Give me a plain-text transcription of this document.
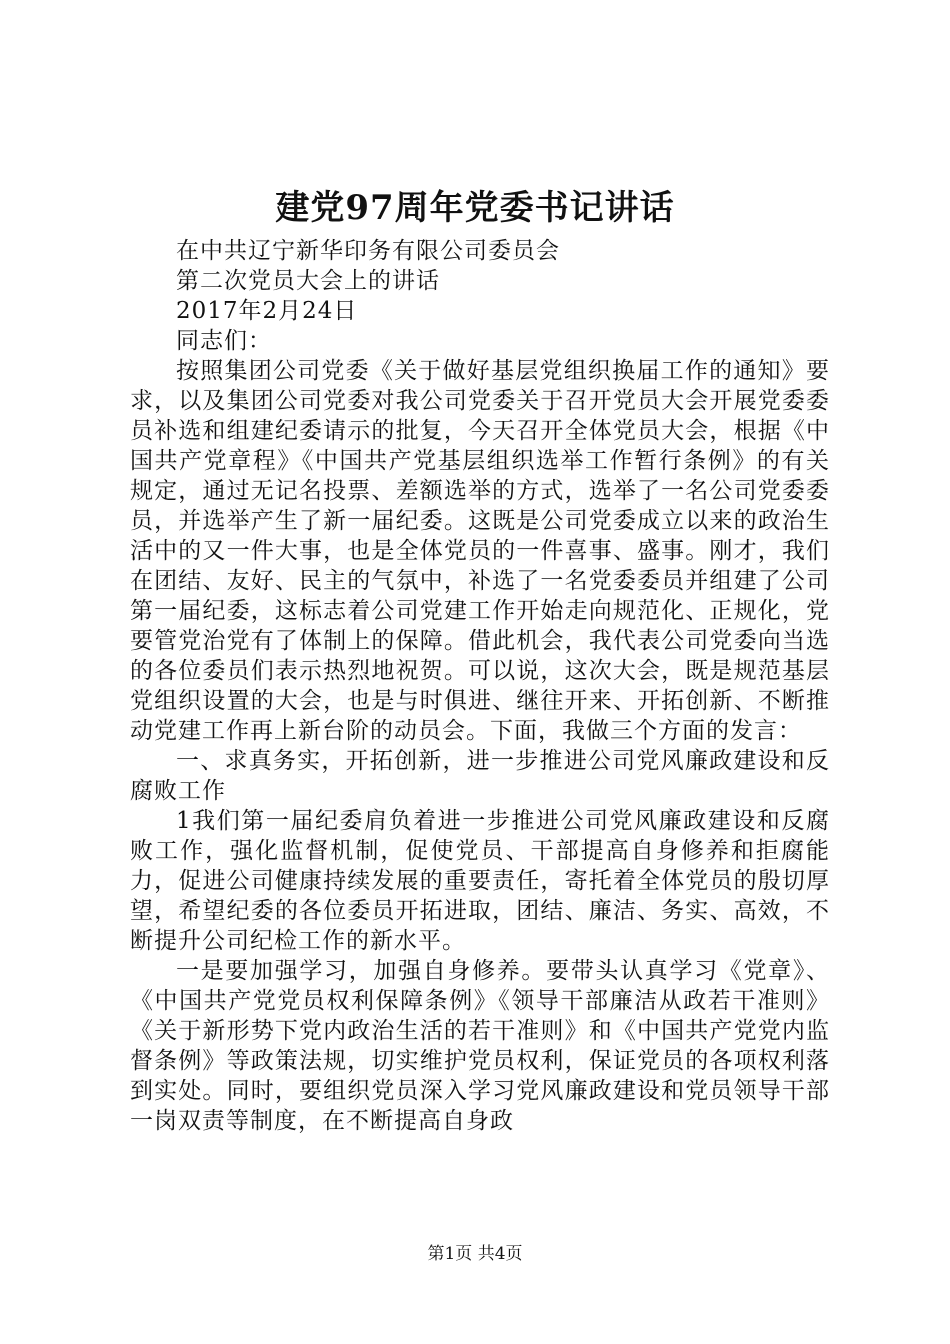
建党97周年党委书记讲话
在中共辽宁新华印务有限公司委员会
第二次党员大会上的讲话
2017年2月24日
同志们：

按照集团公司党委《关于做好基层党组织换届工作的通知》要求，以及集团公司党委对我公司党委关于召开党员大会开展党委委员补选和组建纪委请示的批复，今天召开全体党员大会，根据《中国共产党章程》《中国共产党基层组织选举工作暂行条例》的有关规定，通过无记名投票、差额选举的方式，选举了一名公司党委委员，并选举产生了新一届纪委。这既是公司党委成立以来的政治生活中的又一件大事，也是全体党员的一件喜事、盛事。刚才，我们在团结、友好、民主的气氛中，补选了一名党委委员并组建了公司第一届纪委，这标志着公司党建工作开始走向规范化、正规化，党要管党治党有了体制上的保障。借此机会，我代表公司党委向当选的各位委员们表示热烈地祝贺。可以说，这次大会，既是规范基层党组织设置的大会，也是与时俱进、继往开来、开拓创新、不断推动党建工作再上新台阶的动员会。下面，我做三个方面的发言：

一、求真务实，开拓创新，进一步推进公司党风廉政建设和反腐败工作

1我们第一届纪委肩负着进一步推进公司党风廉政建设和反腐败工作，强化监督机制，促使党员、干部提高自身修养和拒腐能力，促进公司健康持续发展的重要责任，寄托着全体党员的殷切厚望，希望纪委的各位委员开拓进取，团结、廉洁、务实、高效，不断提升公司纪检工作的新水平。

一是要加强学习，加强自身修养。要带头认真学习《党章》、《中国共产党党员权利保障条例》《领导干部廉洁从政若干准则》《关于新形势下党内政治生活的若干准则》和《中国共产党党内监督条例》等政策法规，切实维护党员权利，保证党员的各项权利落到实处。同时，要组织党员深入学习党风廉政建设和党员领导干部一岗双责等制度，在不断提高自身政

第1页 共4页
